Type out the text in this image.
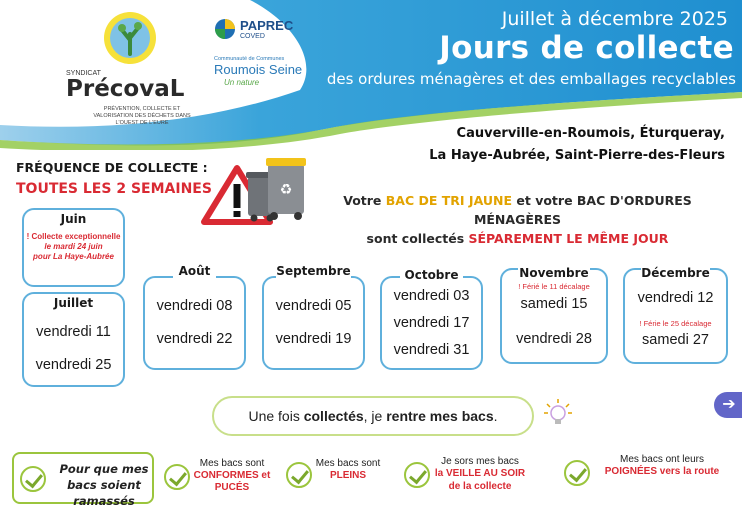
Juillet à décembre 2025
Jours de collecte
des ordures ménagères et des emballages recyclables
SYNDICAT
PrécovaL
PRÉVENTION, COLLECTE ET VALORISATION DES DÉCHETS DANS L'OUEST DE L'EURE
PAPREC
COVED
Communauté de Communes
Roumois Seine
Un nature
Cauverville-en-Roumois, Éturqueray,
La Haye-Aubrée, Saint-Pierre-des-Fleurs
FRÉQUENCE DE COLLECTE :
TOUTES LES 2 SEMAINES	♻
Votre BAC DE TRI JAUNE et votre BAC D'ORDURES MÉNAGÈRES
sont collectés SÉPAREMENT LE MÊME JOUR
Juin
! Collecte exceptionnelle
le mardi 24 juin
pour La Haye-Aubrée
Juillet
vendredi 11
vendredi 25
Août
vendredi 08
vendredi 22
Septembre
vendredi 05
vendredi 19
Octobre
vendredi 03
vendredi 17
vendredi 31
Novembre
! Férié le 11 décalage
samedi 15
vendredi 28
Décembre
vendredi 12
! Férie le 25 décalage
samedi 27
Une fois collectés, je rentre mes bacs.
➔
Pour que mes bacs soient ramassés
Mes bacs sont
CONFORMES et PUCÉS
Mes bacs sont
PLEINS
Je sors mes bacs
la VEILLE AU SOIR
de la collecte
Mes bacs ont leurs
POIGNÉES vers la route
